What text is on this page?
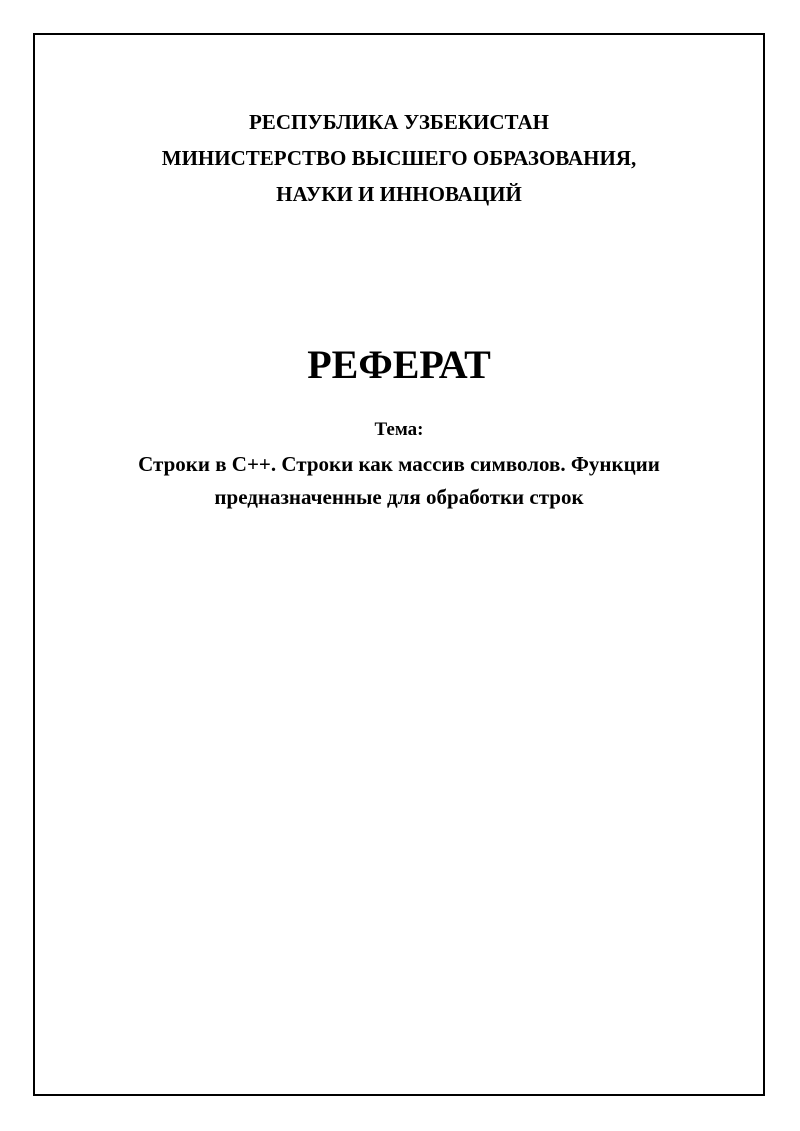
РЕСПУБЛИКА УЗБЕКИСТАН
МИНИСТЕРСТВО ВЫСШЕГО ОБРАЗОВАНИЯ,
НАУКИ И ИННОВАЦИЙ
РЕФЕРАТ
Тема:
Строки в С++. Строки как массив символов. Функции
предназначенные для обработки строк
